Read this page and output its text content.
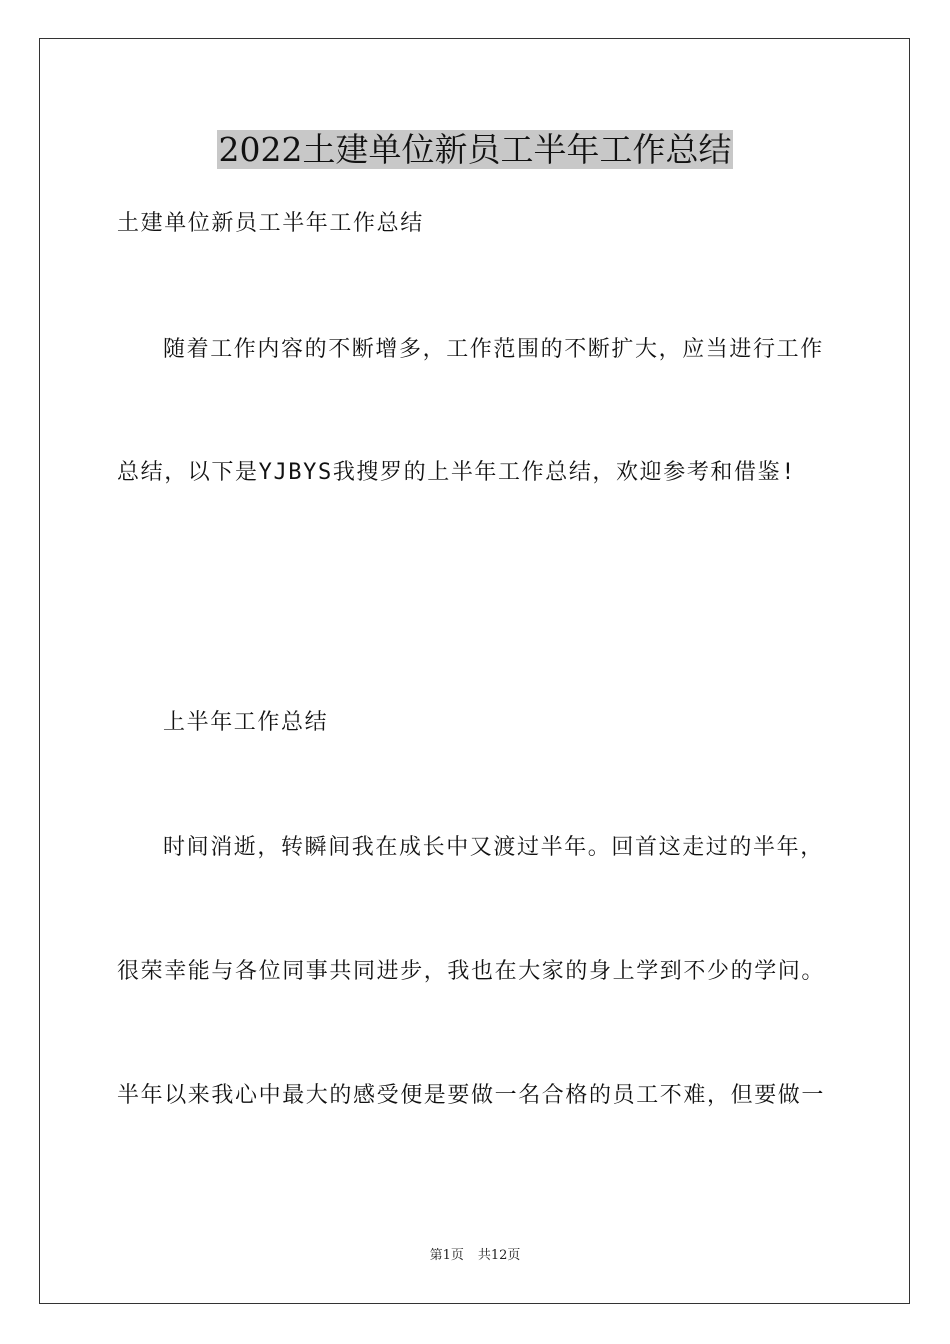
2022土建单位新员工半年工作总结
土建单位新员工半年工作总结
随着工作内容的不断增多，工作范围的不断扩大，应当进行工作
总结，以下是YJBYS我搜罗的上半年工作总结，欢迎参考和借鉴!
上半年工作总结
时间消逝，转瞬间我在成长中又渡过半年。回首这走过的半年，
很荣幸能与各位同事共同进步，我也在大家的身上学到不少的学问。
半年以来我心中最大的感受便是要做一名合格的员工不难，但要做一
第1页 共12页
